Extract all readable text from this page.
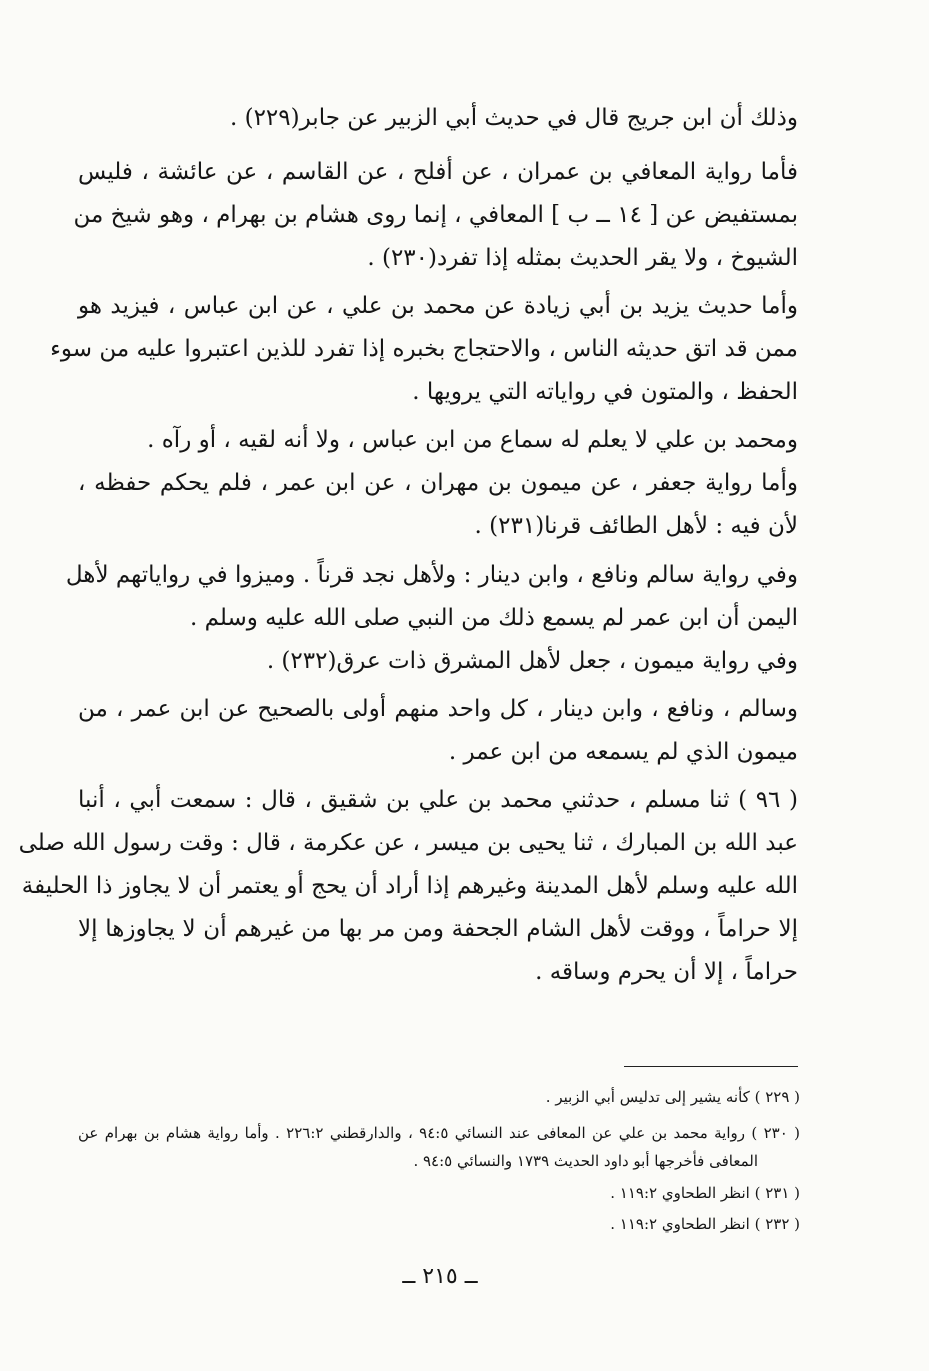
وذلك أن ابن جريج قال في حديث أبي الزبير عن جابر(٢٢٩) .
فأما رواية المعافي بن عمران ، عن أفلح ، عن القاسم ، عن عائشة ، فليس
بمستفيض عن [ ١٤ ــ ب ] المعافي ، إنما روى هشام بن بهرام ، وهو شيخ من
الشيوخ ، ولا يقر الحديث بمثله إذا تفرد(٢٣٠) .
وأما حديث يزيد بن أبي زيادة عن محمد بن علي ، عن ابن عباس ، فيزيد هو
ممن قد اتق حديثه الناس ، والاحتجاج بخبره إذا تفرد للذين اعتبروا عليه من سوء
الحفظ ، والمتون في رواياته التي يرويها .
ومحمد بن علي لا يعلم له سماع من ابن عباس ، ولا أنه لقيه ، أو رآه .
وأما رواية جعفر ، عن ميمون بن مهران ، عن ابن عمر ، فلم يحكم حفظه ،
لأن فيه : لأهل الطائف قرنا(٢٣١) .
وفي رواية سالم ونافع ، وابن دينار : ولأهل نجد قرناً . وميزوا في رواياتهم لأهل
اليمن أن ابن عمر لم يسمع ذلك من النبي صلى الله عليه وسلم .
وفي رواية ميمون ، جعل لأهل المشرق ذات عرق(٢٣٢) .
وسالم ، ونافع ، وابن دينار ، كل واحد منهم أولى بالصحيح عن ابن عمر ، من
ميمون الذي لم يسمعه من ابن عمر .
( ٩٦ ) ثنا مسلم ، حدثني محمد بن علي بن شقيق ، قال : سمعت أبي ، أنبا
عبد الله بن المبارك ، ثنا يحيى بن ميسر ، عن عكرمة ، قال : وقت رسول الله صلى
الله عليه وسلم لأهل المدينة وغيرهم إذا أراد أن يحج أو يعتمر أن لا يجاوز ذا الحليفة
إلا حراماً ، ووقت لأهل الشام الجحفة ومن مر بها من غيرهم أن لا يجاوزها إلا
حراماً ، إلا أن يحرم وساقه .
( ٢٢٩ ) كأنه يشير إلى تدليس أبي الزبير .
( ٢٣٠ ) رواية محمد بن علي عن المعافى عند النسائي ٩٤:٥ ، والدارقطني ٢٢٦:٢ . وأما رواية هشام بن بهرام عن
المعافى فأخرجها أبو داود الحديث ١٧٣٩ والنسائي ٩٤:٥ .
( ٢٣١ ) انظر الطحاوي ١١٩:٢ .
( ٢٣٢ ) انظر الطحاوي ١١٩:٢ .
ــ ٢١٥ ــ
